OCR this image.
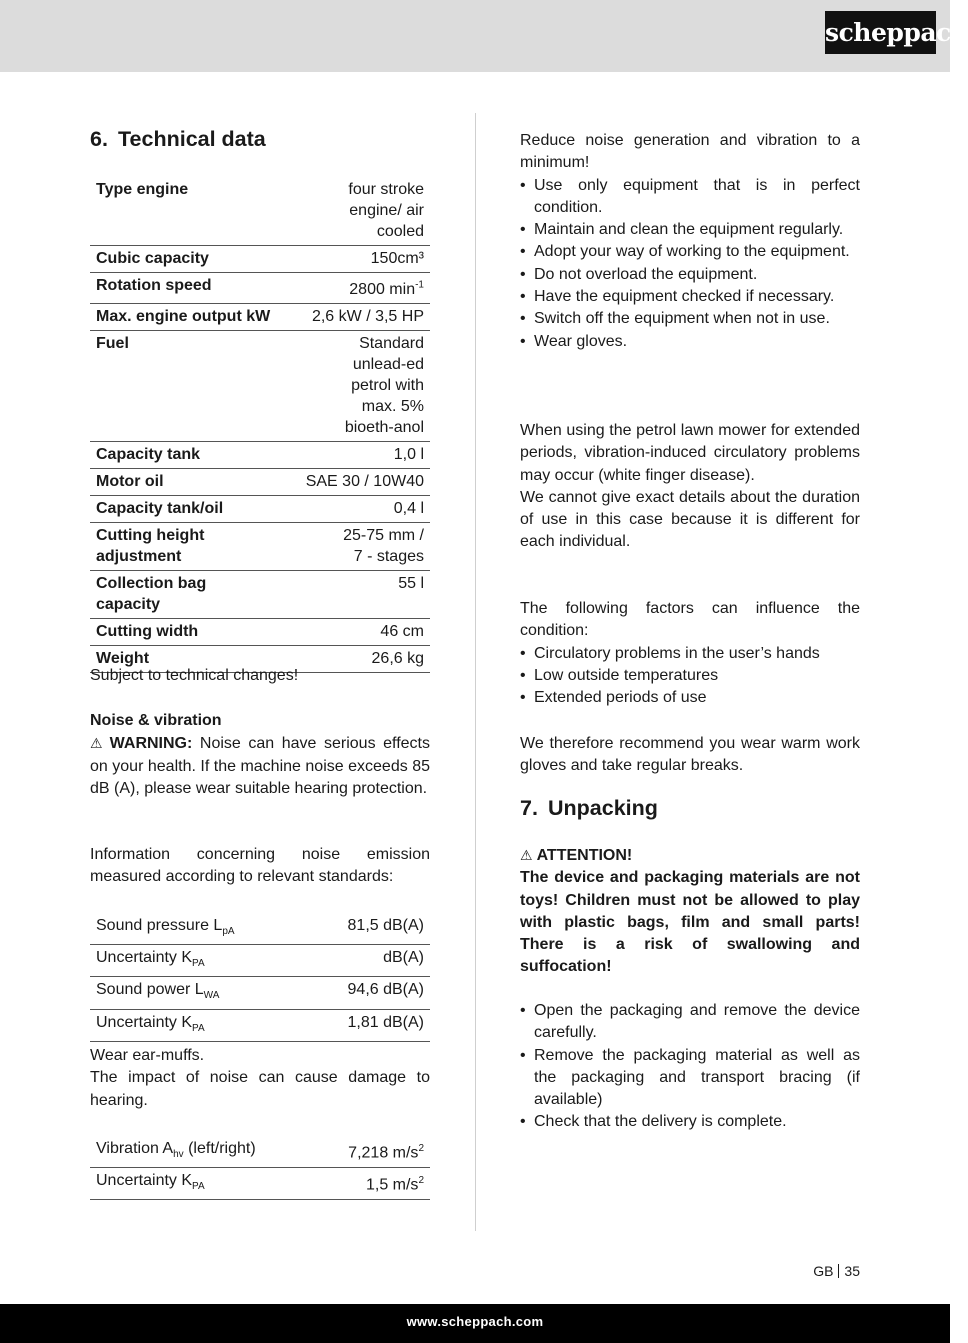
scheppach
6. Technical data
Type engine	four stroke engine/ air cooled

Cubic capacity	150cm³
Rotation speed	2800 $\min^{-1}$
Max. engine output kW	2,6 kW / 3,5 HP
Fuel	Standard unlead-ed petrol with max. 5% bioeth-anol

Capacity tank	1,0 l
Motor oil	SAE 30 / 10W40
Capacity tank/oil	0,4 l
Cutting height adjustment	25-75 mm / 7 - stages

Collection bag capacity	55 l
Cutting width	46 cm
Weight	26,6 kg

Subject to technical changes!

Noise & vibration

⚠ WARNING: Noise can have serious effects on your health. If the machine noise exceeds 85 dB (A), please wear suitable hearing protection.

Information concerning noise emission measured according to relevant standards:

Sound pressure $L_{pA}$	81,5 dB(A)
Uncertainty $K_{PA}$	dB(A)
Sound power $L_{WA}$	94,6 dB(A)
Uncertainty $K_{PA}$	1,81 dB(A)

Wear ear-muffs.

The impact of noise can cause damage to hearing.

Vibration $A_{hv}$ (left/right)	7,218 $m/s^2$
Uncertainty $K_{PA}$	1,5 $m/s^2$

Reduce noise generation and vibration to a minimum!

• Use only equipment that is in perfect condition.
• Maintain and clean the equipment regularly.
• Adopt your way of working to the equipment.
• Do not overload the equipment.
• Have the equipment checked if necessary.
• Switch off the equipment when not in use.
• Wear gloves.

When using the petrol lawn mower for extended periods, vibration-induced circulatory problems may occur (white finger disease).

We cannot give exact details about the duration of use in this case because it is different for each individual.

The following factors can influence the condition:

• Circulatory problems in the user’s hands
• Low outside temperatures
• Extended periods of use

We therefore recommend you wear warm work gloves and take regular breaks.

7. Unpacking

⚠ ATTENTION!

The device and packaging materials are not toys! Children must not be allowed to play with plastic bags, film and small parts! There is a risk of swallowing and suffocation!

• Open the packaging and remove the device carefully.
• Remove the packaging material as well as the packaging and transport bracing (if available)
• Check that the delivery is complete.
GB 35
www.scheppach.com
